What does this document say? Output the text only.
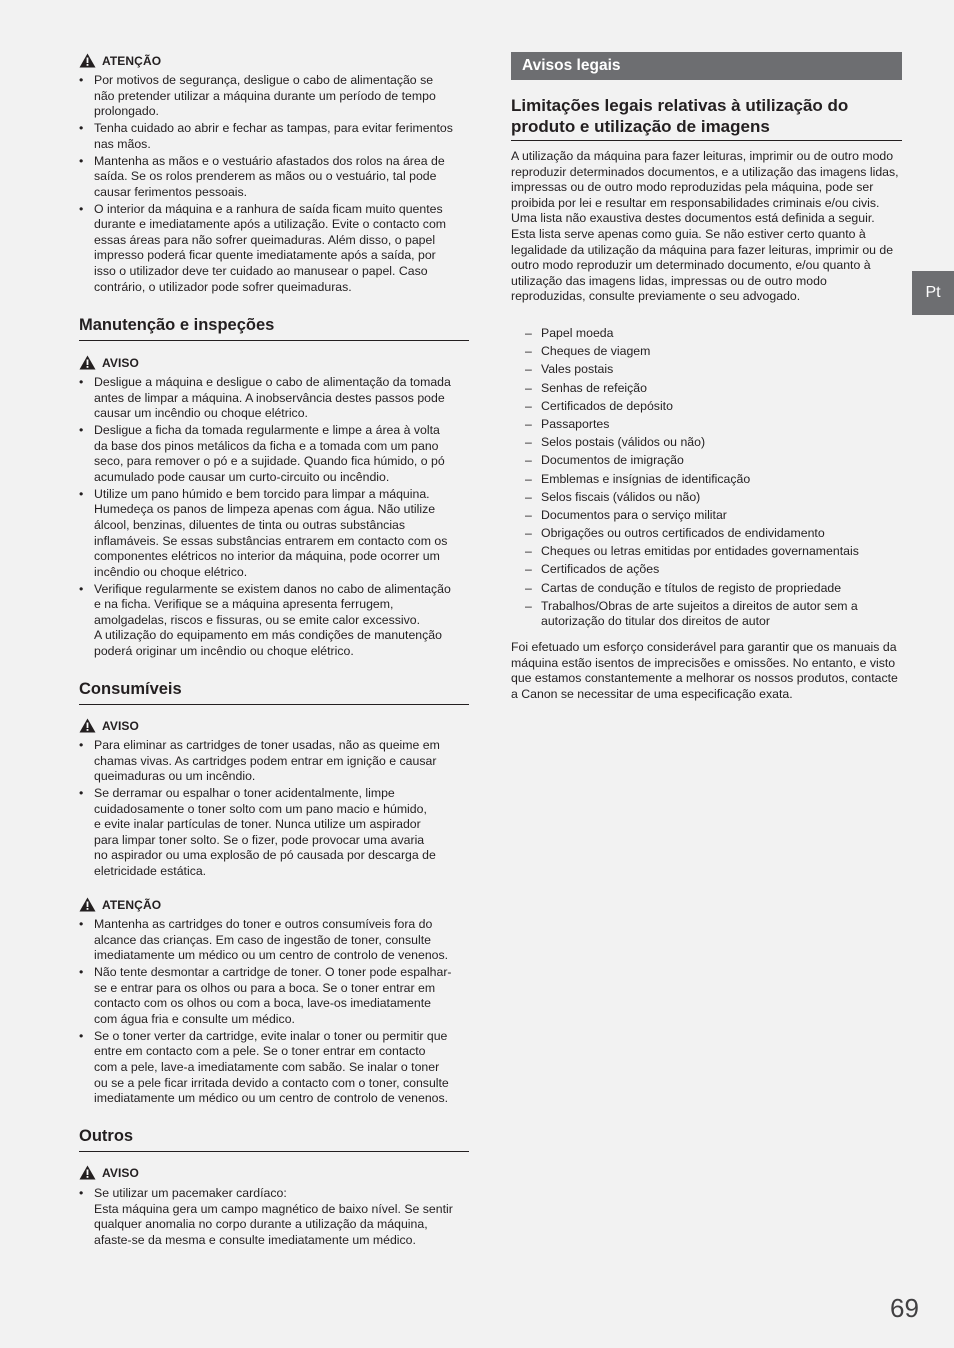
ATENÇÃO
• Por motivos de segurança, desligue o cabo de alimentação se
não pretender utilizar a máquina durante um período de tempo
prolongado.
• Tenha cuidado ao abrir e fechar as tampas, para evitar ferimentos
nas mãos.
• Mantenha as mãos e o vestuário afastados dos rolos na área de
saída. Se os rolos prenderem as mãos ou o vestuário, tal pode
causar ferimentos pessoais.
• O interior da máquina e a ranhura de saída ficam muito quentes
durante e imediatamente após a utilização. Evite o contacto com
essas áreas para não sofrer queimaduras. Além disso, o papel
impresso poderá ficar quente imediatamente após a saída, por
isso o utilizador deve ter cuidado ao manusear o papel. Caso
contrário, o utilizador pode sofrer queimaduras.
Manutenção e inspeções
AVISO
• Desligue a máquina e desligue o cabo de alimentação da tomada
antes de limpar a máquina. A inobservância destes passos pode
causar um incêndio ou choque elétrico.
• Desligue a ficha da tomada regularmente e limpe a área à volta
da base dos pinos metálicos da ficha e a tomada com um pano
seco, para remover o pó e a sujidade. Quando fica húmido, o pó
acumulado pode causar um curto-circuito ou incêndio.
• Utilize um pano húmido e bem torcido para limpar a máquina.
Humedeça os panos de limpeza apenas com água. Não utilize
álcool, benzinas, diluentes de tinta ou outras substâncias
inflamáveis. Se essas substâncias entrarem em contacto com os
componentes elétricos no interior da máquina, pode ocorrer um
incêndio ou choque elétrico.
• Verifique regularmente se existem danos no cabo de alimentação
e na ficha. Verifique se a máquina apresenta ferrugem,
amolgadelas, riscos e fissuras, ou se emite calor excessivo.
A utilização do equipamento em más condições de manutenção
poderá originar um incêndio ou choque elétrico.
Consumíveis
AVISO
• Para eliminar as cartridges de toner usadas, não as queime em
chamas vivas. As cartridges podem entrar em ignição e causar
queimaduras ou um incêndio.
• Se derramar ou espalhar o toner acidentalmente, limpe
cuidadosamente o toner solto com um pano macio e húmido,
e evite inalar partículas de toner. Nunca utilize um aspirador
para limpar toner solto. Se o fizer, pode provocar uma avaria
no aspirador ou uma explosão de pó causada por descarga de
eletricidade estática.
ATENÇÃO
• Mantenha as cartridges do toner e outros consumíveis fora do
alcance das crianças. Em caso de ingestão de toner, consulte
imediatamente um médico ou um centro de controlo de venenos.
• Não tente desmontar a cartridge de toner. O toner pode espalhar-
se e entrar para os olhos ou para a boca. Se o toner entrar em
contacto com os olhos ou com a boca, lave-os imediatamente
com água fria e consulte um médico.
• Se o toner verter da cartridge, evite inalar o toner ou permitir que
entre em contacto com a pele. Se o toner entrar em contacto
com a pele, lave-a imediatamente com sabão. Se inalar o toner
ou se a pele ficar irritada devido a contacto com o toner, consulte
imediatamente um médico ou um centro de controlo de venenos.
Outros
AVISO
• Se utilizar um pacemaker cardíaco:
Esta máquina gera um campo magnético de baixo nível. Se sentir
qualquer anomalia no corpo durante a utilização da máquina,
afaste-se da mesma e consulte imediatamente um médico.
Avisos legais
Limitações legais relativas à utilização do produto e utilização de imagens

A utilização da máquina para fazer leituras, imprimir ou de outro modo reproduzir determinados documentos, e a utilização das imagens lidas, impressas ou de outro modo reproduzidas pela máquina, pode ser proibida por lei e resultar em responsabilidades criminais e/ou civis. Uma lista não exaustiva destes documentos está definida a seguir. Esta lista serve apenas como guia. Se não estiver certo quanto à legalidade da utilização da máquina para fazer leituras, imprimir ou de outro modo reproduzir um determinado documento, e/ou quanto à utilização das imagens lidas, impressas ou de outro modo reproduzidas, consulte previamente o seu advogado.

– Papel moeda
– Cheques de viagem
– Vales postais
– Senhas de refeição
– Certificados de depósito
– Passaportes
– Selos postais (válidos ou não)
– Documentos de imigração
– Emblemas e insígnias de identificação
– Selos fiscais (válidos ou não)
– Documentos para o serviço militar
– Obrigações ou outros certificados de endividamento
– Cheques ou letras emitidas por entidades governamentais
– Certificados de ações
– Cartas de condução e títulos de registo de propriedade
– Trabalhos/Obras de arte sujeitos a direitos de autor sem a autorização do titular dos direitos de autor

Foi efetuado um esforço considerável para garantir que os manuais da máquina estão isentos de imprecisões e omissões. No entanto, e visto que estamos constantemente a melhorar os nossos produtos, contacte a Canon se necessitar de uma especificação exata.

Pt
69
